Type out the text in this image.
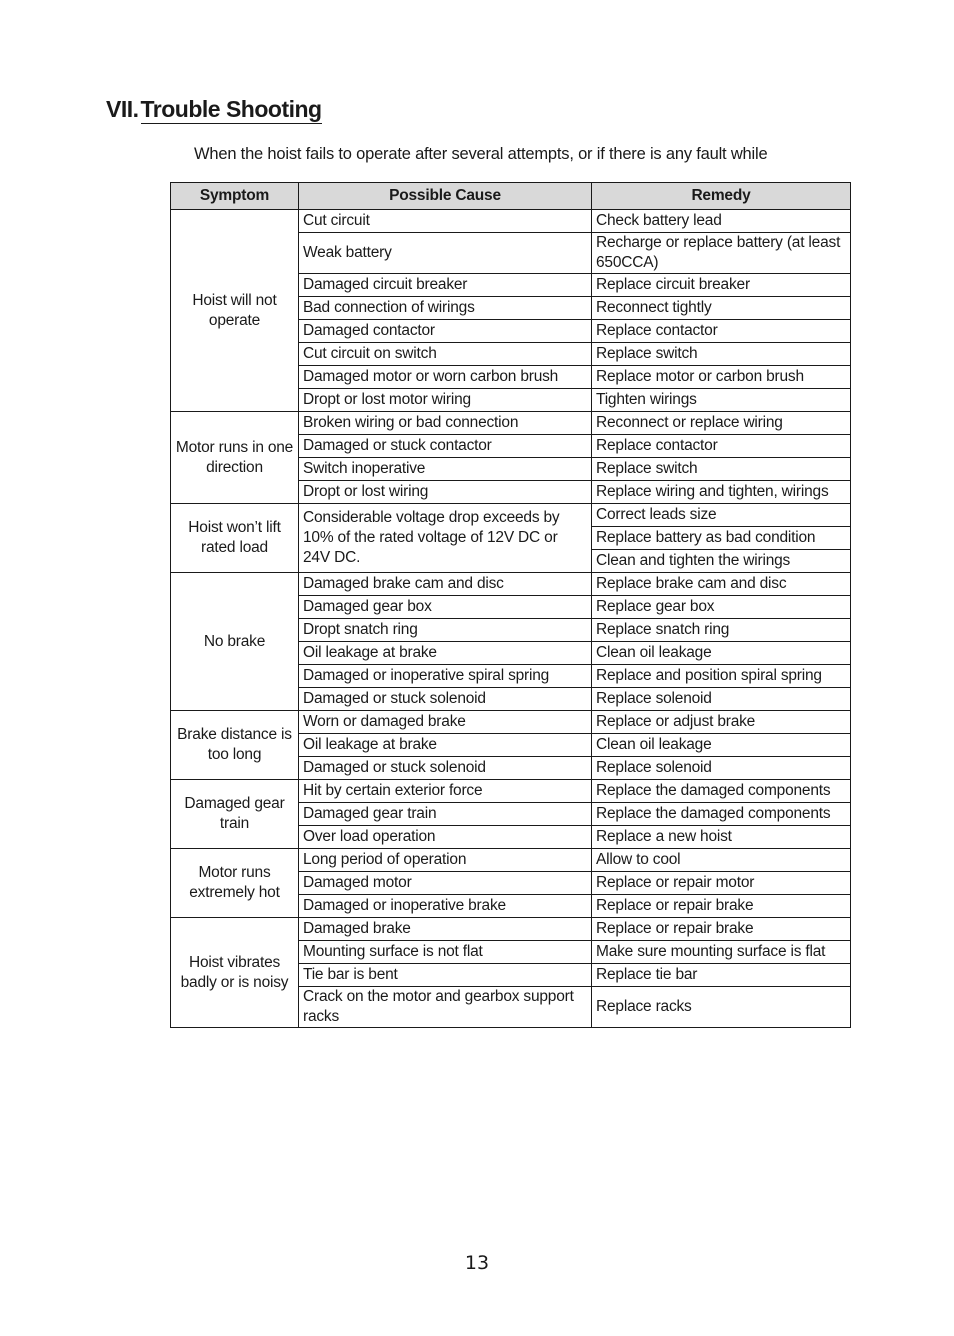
VII.Trouble Shooting
When the hoist fails to operate after several attempts, or if there is any fault while
Symptom	Possible Cause	Remedy
Hoist will not operate	Cut circuit	Check battery lead
	Weak battery	Recharge or replace battery (at least 650CCA)
	Damaged circuit breaker	Replace circuit breaker
	Bad connection of wirings	Reconnect tightly
	Damaged contactor	Replace contactor
	Cut circuit on switch	Replace switch
	Damaged motor or worn carbon brush	Replace motor or carbon brush
	Dropt or lost motor wiring	Tighten wirings
Motor runs in one direction	Broken wiring or bad connection	Reconnect or replace wiring
	Damaged or stuck contactor	Replace contactor
	Switch inoperative	Replace switch
	Dropt or lost wiring	Replace wiring and tighten, wirings
Hoist won’t lift rated load	Considerable voltage drop exceeds by 10% of the rated voltage of 12V DC or 24V DC.	Correct leads size
		Replace battery as bad condition
		Clean and tighten the wirings
No brake	Damaged brake cam and disc	Replace brake cam and disc
	Damaged gear box	Replace gear box
	Dropt snatch ring	Replace snatch ring
	Oil leakage at brake	Clean oil leakage
	Damaged or inoperative spiral spring	Replace and position spiral spring
	Damaged or stuck solenoid	Replace solenoid
Brake distance is too long	Worn or damaged brake	Replace or adjust brake
	Oil leakage at brake	Clean oil leakage
	Damaged or stuck solenoid	Replace solenoid
Damaged gear train	Hit by certain exterior force	Replace the damaged components
	Damaged gear train	Replace the damaged components
	Over load operation	Replace a new hoist
Motor runs extremely hot	Long period of operation	Allow to cool
	Damaged motor	Replace or repair motor
	Damaged or inoperative brake	Replace or repair brake
Hoist vibrates badly or is noisy	Damaged brake	Replace or repair brake
	Mounting surface is not flat	Make sure mounting surface is flat
	Tie bar is bent	Replace tie bar
	Crack on the motor and gearbox support racks	Replace racks
13
